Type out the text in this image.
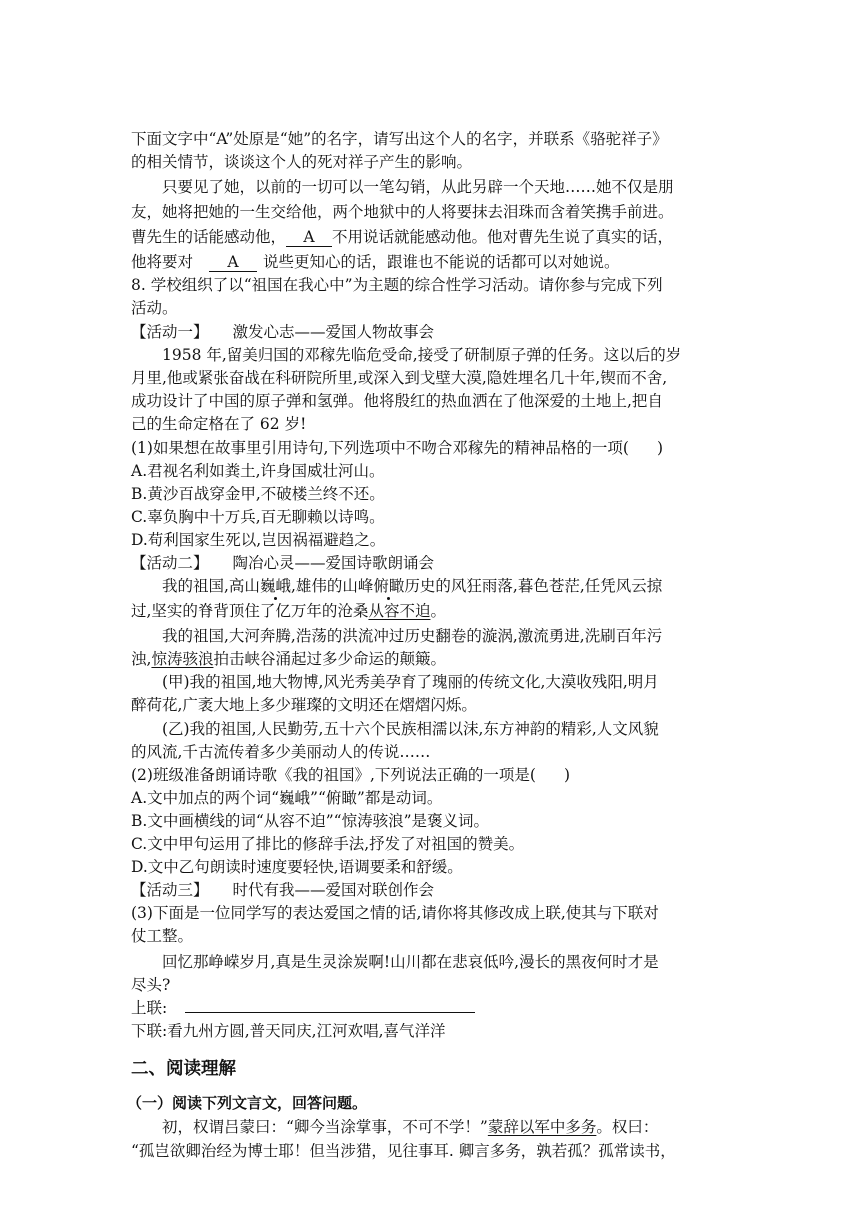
下面文字中“A”处原是“她”的名字，请写出这个人的名字，并联系《骆驼祥子》
的相关情节，谈谈这个人的死对祥子产生的影响。
只要见了她，以前的一切可以一笔勾销，从此另辟一个天地……她不仅是朋
友，她将把她的一生交给他，两个地狱中的人将要抹去泪珠而含着笑携手前进。
曹先生的话能感动他， A 不用说话就能感动他。他对曹先生说了真实的话，
他将要对 A 说些更知心的话，跟谁也不能说的话都可以对她说。
8. 学校组织了以“祖国在我心中”为主题的综合性学习活动。请你参与完成下列
活动。
【活动一】 激发心志——爱国人物故事会
1958 年,留美归国的邓稼先临危受命,接受了研制原子弹的任务。这以后的岁
月里,他或紧张奋战在科研院所里,或深入到戈壁大漠,隐姓埋名几十年,锲而不舍,
成功设计了中国的原子弹和氢弹。他将殷红的热血洒在了他深爱的土地上,把自
己的生命定格在了 62 岁!
(1)如果想在故事里引用诗句,下列选项中不吻合邓稼先的精神品格的一项( )
A.君视名利如粪土,许身国威壮河山。
B.黄沙百战穿金甲,不破楼兰终不还。
C.辜负胸中十万兵,百无聊赖以诗鸣。
D.苟利国家生死以,岂因祸福避趋之。
【活动二】 陶冶心灵——爱国诗歌朗诵会
我的祖国,高山巍峨,雄伟的山峰俯瞰历史的风狂雨落,暮色苍茫,任凭风云掠
过,坚实的脊背顶住了亿万年的沧桑从容不迫。
我的祖国,大河奔腾,浩荡的洪流冲过历史翻卷的漩涡,激流勇进,洗刷百年污
浊,惊涛骇浪拍击峡谷涌起过多少命运的颠簸。
(甲)我的祖国,地大物博,风光秀美孕育了瑰丽的传统文化,大漠收残阳,明月
醉荷花,广袤大地上多少璀璨的文明还在熠熠闪烁。
(乙)我的祖国,人民勤劳,五十六个民族相濡以沫,东方神韵的精彩,人文风貌
的风流,千古流传着多少美丽动人的传说……
(2)班级准备朗诵诗歌《我的祖国》,下列说法正确的一项是( )
A.文中加点的两个词“巍峨”“俯瞰”都是动词。
B.文中画横线的词“从容不迫”“惊涛骇浪”是褒义词。
C.文中甲句运用了排比的修辞手法,抒发了对祖国的赞美。
D.文中乙句朗读时速度要轻快,语调要柔和舒缓。
【活动三】 时代有我——爱国对联创作会
(3)下面是一位同学写的表达爱国之情的话,请你将其修改成上联,使其与下联对
仗工整。
回忆那峥嵘岁月,真是生灵涂炭啊!山川都在悲哀低吟,漫长的黑夜何时才是
尽头?
上联:
下联:看九州方圆,普天同庆,江河欢唱,喜气洋洋
二、阅读理解
（一）阅读下列文言文，回答问题。
初，权谓吕蒙曰：“卿今当涂掌事，不可不学！”蒙辞以军中多务。权曰：
“孤岂欲卿治经为博士耶！但当涉猎，见往事耳. 卿言多务，孰若孤？孤常读书，
